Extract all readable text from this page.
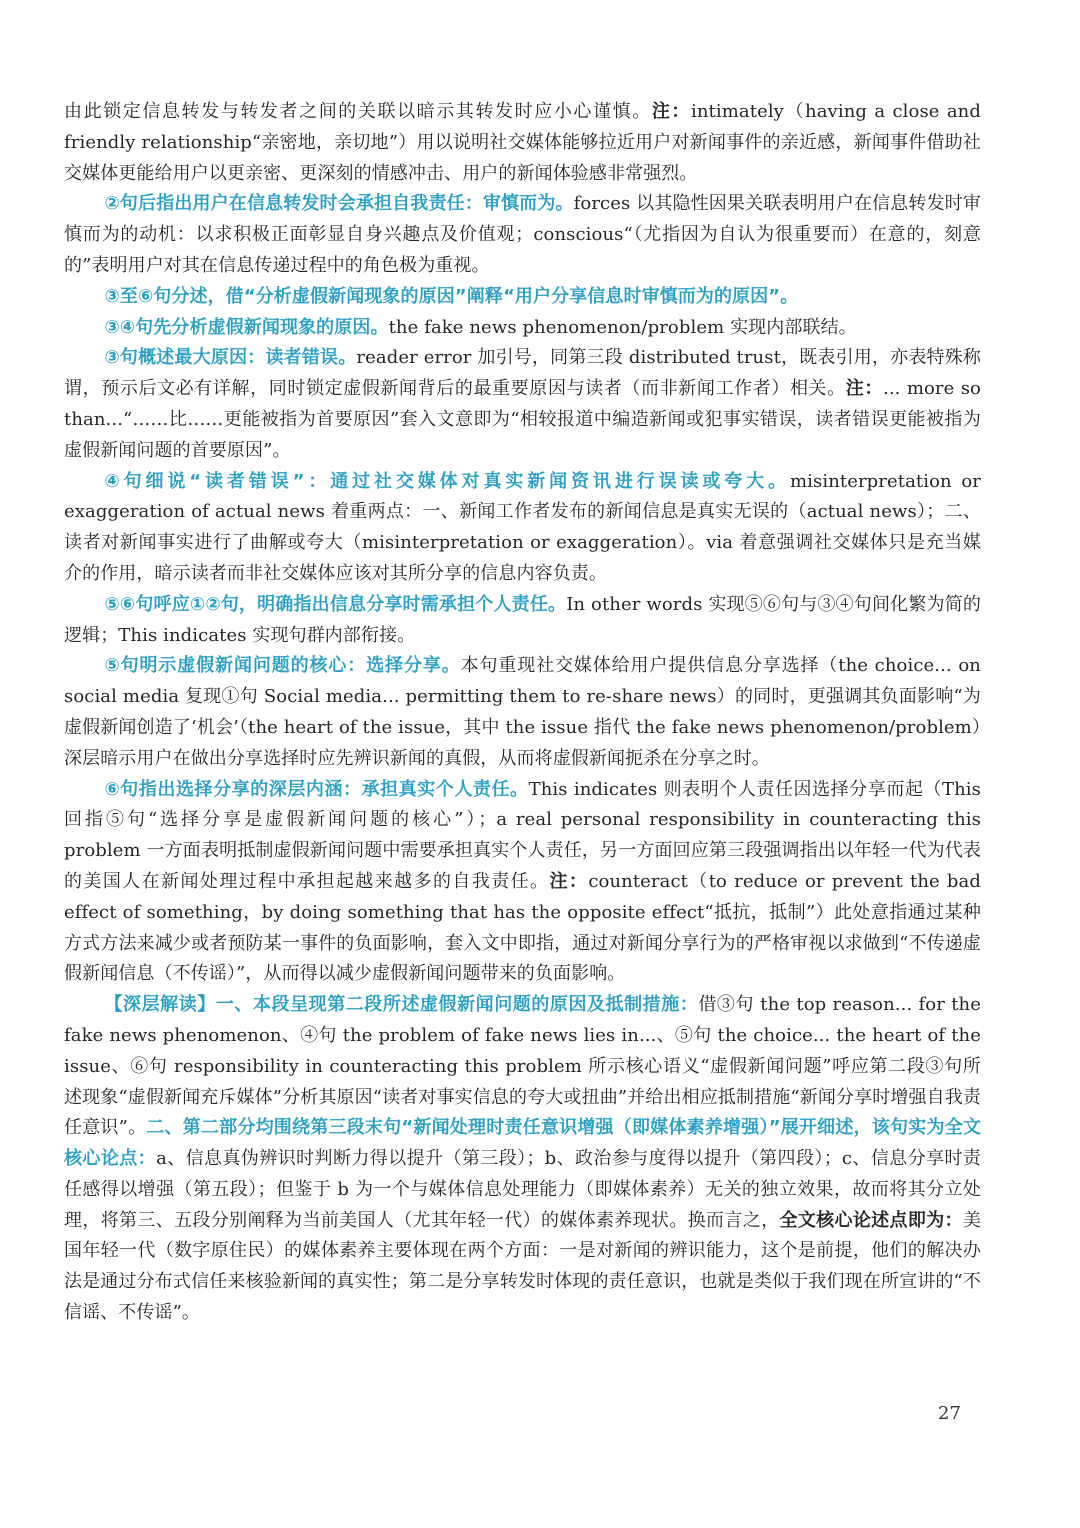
由此锁定信息转发与转发者之间的关联以暗示其转发时应小心谨慎。注：intimately（having a close and friendly relationship“亲密地，亲切地”）用以说明社交媒体能够拉近用户对新闻事件的亲近感，新闻事件借助社交媒体更能给用户以更亲密、更深刻的情感冲击、用户的新闻体验感非常强烈。

②句后指出用户在信息转发时会承担自我责任：审慎而为。forces 以其隐性因果关联表明用户在信息转发时审慎而为的动机：以求积极正面彰显自身兴趣点及价值观；conscious“（尤指因为自认为很重要而）在意的，刻意的”表明用户对其在信息传递过程中的角色极为重视。

③至⑥句分述，借“分析虚假新闻现象的原因”阐释“用户分享信息时审慎而为的原因”。

③④句先分析虚假新闻现象的原因。the fake news phenomenon/problem 实现内部联结。

③句概述最大原因：读者错误。reader error 加引号，同第三段 distributed trust，既表引用，亦表特殊称谓，预示后文必有详解，同时锁定虚假新闻背后的最重要原因与读者（而非新闻工作者）相关。注：... more so than...“……比……更能被指为首要原因”套入文意即为“相较报道中编造新闻或犯事实错误，读者错误更能被指为虚假新闻问题的首要原因”。

④句细说“读者错误”：通过社交媒体对真实新闻资讯进行误读或夸大。misinterpretation or exaggeration of actual news 着重两点：一、新闻工作者发布的新闻信息是真实无误的（actual news）；二、读者对新闻事实进行了曲解或夸大（misinterpretation or exaggeration）。via 着意强调社交媒体只是充当媒介的作用，暗示读者而非社交媒体应该对其所分享的信息内容负责。

⑤⑥句呼应①②句，明确指出信息分享时需承担个人责任。In other words 实现⑤⑥句与③④句间化繁为简的逻辑；This indicates 实现句群内部衔接。

⑤句明示虚假新闻问题的核心：选择分享。本句重现社交媒体给用户提供信息分享选择（the choice... on social media 复现①句 Social media... permitting them to re-share news）的同时，更强调其负面影响“为虚假新闻创造了‘机会’（the heart of the issue，其中 the issue 指代 the fake news phenomenon/problem）深层暗示用户在做出分享选择时应先辨识新闻的真假，从而将虚假新闻扼杀在分享之时。

⑥句指出选择分享的深层内涵：承担真实个人责任。This indicates 则表明个人责任因选择分享而起（This 回指⑤句“选择分享是虚假新闻问题的核心”）；a real personal responsibility in counteracting this problem 一方面表明抵制虚假新闻问题中需要承担真实个人责任，另一方面回应第三段强调指出以年轻一代为代表的美国人在新闻处理过程中承担起越来越多的自我责任。注：counteract（to reduce or prevent the bad effect of something，by doing something that has the opposite effect“抵抗，抵制”）此处意指通过某种方式方法来减少或者预防某一事件的负面影响，套入文中即指，通过对新闻分享行为的严格审视以求做到“不传递虚假新闻信息（不传谣）”，从而得以减少虚假新闻问题带来的负面影响。

【深层解读】一、本段呈现第二段所述虚假新闻问题的原因及抵制措施：借③句 the top reason... for the fake news phenomenon、④句 the problem of fake news lies in...、⑤句 the choice... the heart of the issue、⑥句 responsibility in counteracting this problem 所示核心语义“虚假新闻问题”呼应第二段③句所述现象“虚假新闻充斥媒体”分析其原因“读者对事实信息的夸大或扭曲”并给出相应抵制措施“新闻分享时增强自我责任意识”。二、第二部分均围绕第三段末句“新闻处理时责任意识增强（即媒体素养增强）”展开细述，该句实为全文核心论点：a、信息真伪辨识时判断力得以提升（第三段）；b、政治参与度得以提升（第四段）；c、信息分享时责任感得以增强（第五段）；但鉴于 b 为一个与媒体信息处理能力（即媒体素养）无关的独立效果，故而将其分立处理，将第三、五段分别阐释为当前美国人（尤其年轻一代）的媒体素养现状。换而言之，全文核心论述点即为：美国年轻一代（数字原住民）的媒体素养主要体现在两个方面：一是对新闻的辨识能力，这个是前提，他们的解决办法是通过分布式信任来核验新闻的真实性；第二是分享转发时体现的责任意识，也就是类似于我们现在所宣讲的“不信谣、不传谣”。

27
